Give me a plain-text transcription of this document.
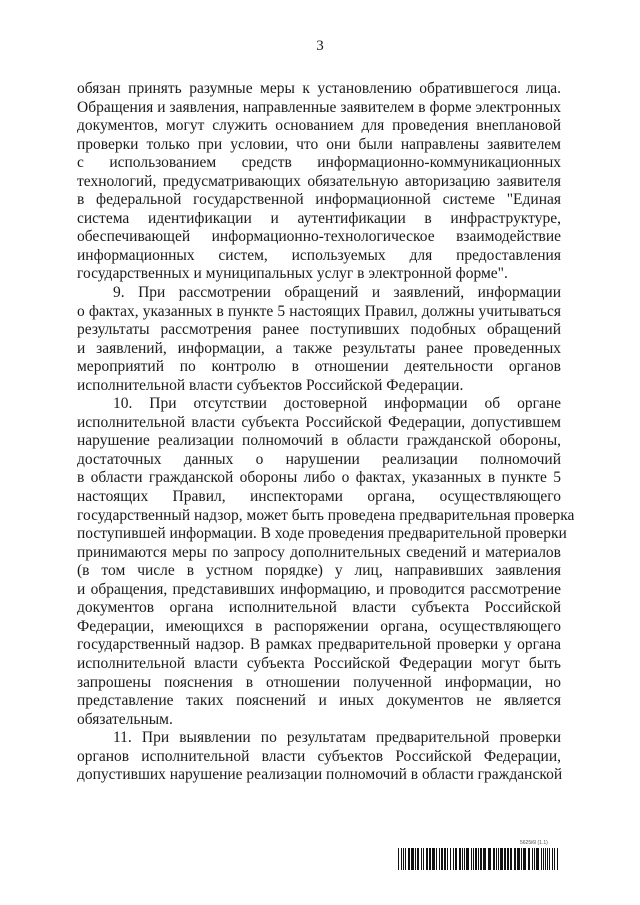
3
обязан принять разумные меры к установлению обратившегося лица.
Обращения и заявления, направленные заявителем в форме электронных
документов, могут служить основанием для проведения внеплановой
проверки только при условии, что они были направлены заявителем
с использованием средств информационно-коммуникационных
технологий, предусматривающих обязательную авторизацию заявителя
в федеральной государственной информационной системе "Единая
система идентификации и аутентификации в инфраструктуре,
обеспечивающей информационно-технологическое взаимодействие
информационных систем, используемых для предоставления
государственных и муниципальных услуг в электронной форме".
9. При рассмотрении обращений и заявлений, информации
о фактах, указанных в пункте 5 настоящих Правил, должны учитываться
результаты рассмотрения ранее поступивших подобных обращений
и заявлений, информации, а также результаты ранее проведенных
мероприятий по контролю в отношении деятельности органов
исполнительной власти субъектов Российской Федерации.
10. При отсутствии достоверной информации об органе
исполнительной власти субъекта Российской Федерации, допустившем
нарушение реализации полномочий в области гражданской обороны,
достаточных данных о нарушении реализации полномочий
в области гражданской обороны либо о фактах, указанных в пункте 5
настоящих Правил, инспекторами органа, осуществляющего
государственный надзор, может быть проведена предварительная проверка
поступившей информации. В ходе проведения предварительной проверки
принимаются меры по запросу дополнительных сведений и материалов
(в том числе в устном порядке) у лиц, направивших заявления
и обращения, представивших информацию, и проводится рассмотрение
документов органа исполнительной власти субъекта Российской
Федерации, имеющихся в распоряжении органа, осуществляющего
государственный надзор. В рамках предварительной проверки у органа
исполнительной власти субъекта Российской Федерации могут быть
запрошены пояснения в отношении полученной информации, но
представление таких пояснений и иных документов не является
обязательным.
11. При выявлении по результатам предварительной проверки
органов исполнительной власти субъектов Российской Федерации,
допустивших нарушение реализации полномочий в области гражданской
5625i6l (1.1)
